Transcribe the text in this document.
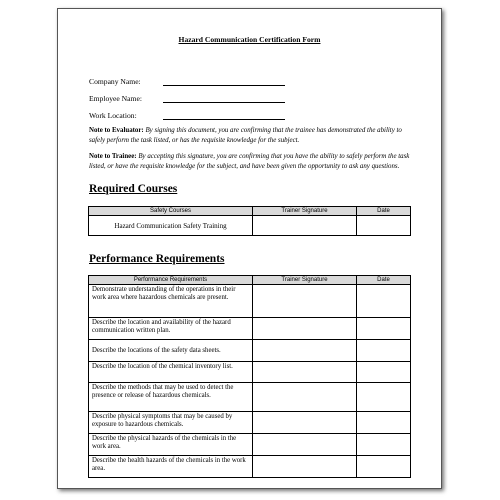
Hazard Communication Certification Form
Company Name:
Employee Name:
Work Location:
Note to Evaluator: By signing this document, you are confirming that the trainee has demonstrated the ability to safely perform the task listed, or has the requisite knowledge for the subject.
Note to Trainee: By accepting this signature, you are confirming that you have the ability to safely perform the task listed, or have the requisite knowledge for the subject, and have been given the opportunity to ask any questions.
Required Courses
Safety Courses	Trainer Signature	Date
Hazard Communication Safety Training		
Performance Requirements
Performance Requirements	Trainer Signature	Date
Demonstrate understanding of the operations in their work area where hazardous chemicals are present.		
Describe the location and availability of the hazard communication written plan.		
Describe the locations of the safety data sheets.		
Describe the location of the chemical inventory list.		
Describe the methods that may be used to detect the presence or release of hazardous chemicals.		
Describe physical symptoms that may be caused by exposure to hazardous chemicals.		
Describe the physical hazards of the chemicals in the work area.		
Describe the health hazards of the chemicals in the work area.		
